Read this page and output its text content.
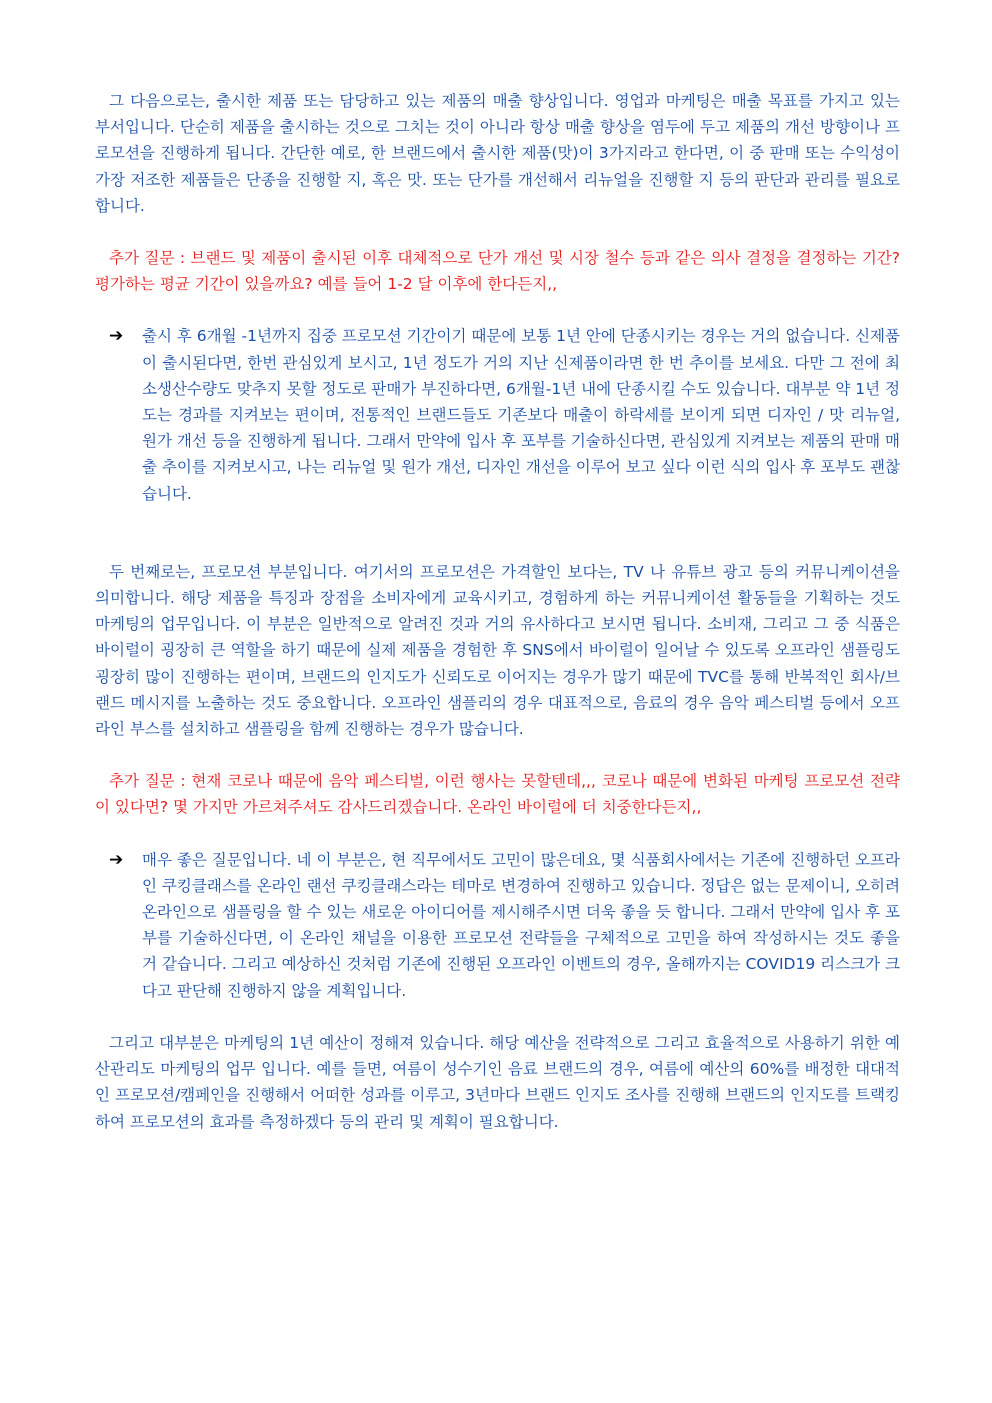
그 다음으로는, 출시한 제품 또는 담당하고 있는 제품의 매출 향상입니다. 영업과 마케팅은 매출 목표를 가지고 있는 부서입니다. 단순히 제품을 출시하는 것으로 그치는 것이 아니라 항상 매출 향상을 염두에 두고 제품의 개선 방향이나 프로모션을 진행하게 됩니다. 간단한 예로, 한 브랜드에서 출시한 제품(맛)이 3가지라고 한다면, 이 중 판매 또는 수익성이 가장 저조한 제품들은 단종을 진행할 지, 혹은 맛. 또는 단가를 개선해서 리뉴얼을 진행할 지 등의 판단과 관리를 필요로 합니다.

추가 질문 : 브랜드 및 제품이 출시된 이후 대체적으로 단가 개선 및 시장 철수 등과 같은 의사 결정을 결정하는 기간? 평가하는 평균 기간이 있을까요? 예를 들어 1-2 달 이후에 한다든지,,

➔	출시 후 6개월 -1년까지 집중 프로모션 기간이기 때문에 보통 1년 안에 단종시키는 경우는 거의 없습니다. 신제품이 출시된다면, 한번 관심있게 보시고, 1년 정도가 거의 지난 신제품이라면 한 번 추이를 보세요. 다만 그 전에 최소생산수량도 맞추지 못할 정도로 판매가 부진하다면, 6개월-1년 내에 단종시킬 수도 있습니다. 대부분 약 1년 정도는 경과를 지켜보는 편이며, 전통적인 브랜드들도 기존보다 매출이 하락세를 보이게 되면 디자인 / 맛 리뉴얼, 원가 개선 등을 진행하게 됩니다. 그래서 만약에 입사 후 포부를 기술하신다면, 관심있게 지켜보는 제품의 판매 매출 추이를 지켜보시고, 나는 리뉴얼 및 원가 개선, 디자인 개선을 이루어 보고 싶다 이런 식의 입사 후 포부도 괜찮습니다.

두 번째로는, 프로모션 부분입니다. 여기서의 프로모션은 가격할인 보다는, TV 나 유튜브 광고 등의 커뮤니케이션을 의미합니다. 해당 제품을 특징과 장점을 소비자에게 교육시키고, 경험하게 하는 커뮤니케이션 활동들을 기획하는 것도 마케팅의 업무입니다. 이 부분은 일반적으로 알려진 것과 거의 유사하다고 보시면 됩니다. 소비재, 그리고 그 중 식품은 바이럴이 굉장히 큰 역할을 하기 때문에 실제 제품을 경험한 후 SNS에서 바이럴이 일어날 수 있도록 오프라인 샘플링도 굉장히 많이 진행하는 편이며, 브랜드의 인지도가 신뢰도로 이어지는 경우가 많기 때문에 TVC를 통해 반복적인 회사/브랜드 메시지를 노출하는 것도 중요합니다. 오프라인 샘플리의 경우 대표적으로, 음료의 경우 음악 페스티벌 등에서 오프라인 부스를 설치하고 샘플링을 함께 진행하는 경우가 많습니다.

추가 질문 : 현재 코로나 때문에 음악 페스티벌, 이런 행사는 못할텐데,,, 코로나 때문에 변화된 마케팅 프로모션 전략이 있다면? 몇 가지만 가르쳐주셔도 감사드리겠습니다. 온라인 바이럴에 더 치중한다든지,,

➔	매우 좋은 질문입니다. 네 이 부분은, 현 직무에서도 고민이 많은데요, 몇 식품회사에서는 기존에 진행하던 오프라인 쿠킹클래스를 온라인 랜선 쿠킹클래스라는 테마로 변경하여 진행하고 있습니다. 정답은 없는 문제이니, 오히려 온라인으로 샘플링을 할 수 있는 새로운 아이디어를 제시해주시면 더욱 좋을 듯 합니다. 그래서 만약에 입사 후 포부를 기술하신다면, 이 온라인 채널을 이용한 프로모션 전략들을 구체적으로 고민을 하여 작성하시는 것도 좋을 거 같습니다. 그리고 예상하신 것처럼 기존에 진행된 오프라인 이벤트의 경우, 올해까지는 COVID19 리스크가 크다고 판단해 진행하지 않을 계획입니다.

그리고 대부분은 마케팅의 1년 예산이 정해져 있습니다. 해당 예산을 전략적으로 그리고 효율적으로 사용하기 위한 예산관리도 마케팅의 업무 입니다. 예를 들면, 여름이 성수기인 음료 브랜드의 경우, 여름에 예산의 60%를 배정한 대대적인 프로모션/캠페인을 진행해서 어떠한 성과를 이루고, 3년마다 브랜드 인지도 조사를 진행해 브랜드의 인지도를 트랙킹하여 프로모션의 효과를 측정하겠다 등의 관리 및 계획이 필요합니다.
